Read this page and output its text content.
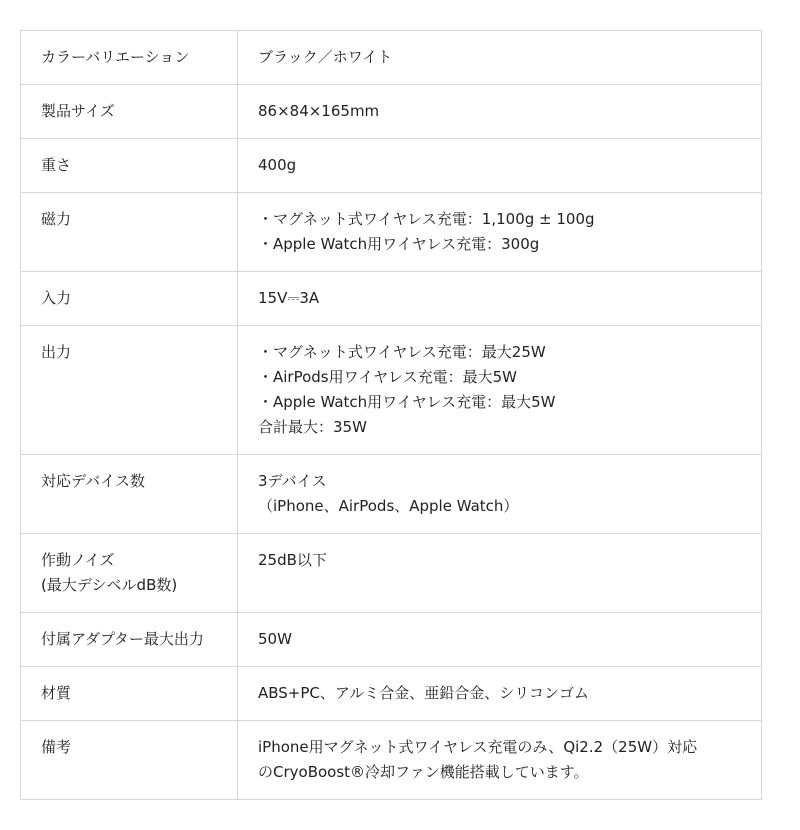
カラーバリエーション	ブラック／ホワイト

製品サイズ	86×84×165mm

重さ	400g

磁力	・マグネット式ワイヤレス充電：1,100g ± 100g
・Apple Watch用ワイヤレス充電：300g

入力	15V⎓3A

出力	・マグネット式ワイヤレス充電：最大25W
・AirPods用ワイヤレス充電：最大5W
・Apple Watch用ワイヤレス充電：最大5W
合計最大：35W

対応デバイス数	3デバイス
（iPhone、AirPods、Apple Watch）

作動ノイズ
(最大デシベルdB数)	25dB以下

付属アダプター最大出力	50W

材質	ABS+PC、アルミ合金、亜鉛合金、シリコンゴム

備考	iPhone用マグネット式ワイヤレス充電のみ、Qi2.2（25W）対応
のCryoBoost®冷却ファン機能搭載しています。
